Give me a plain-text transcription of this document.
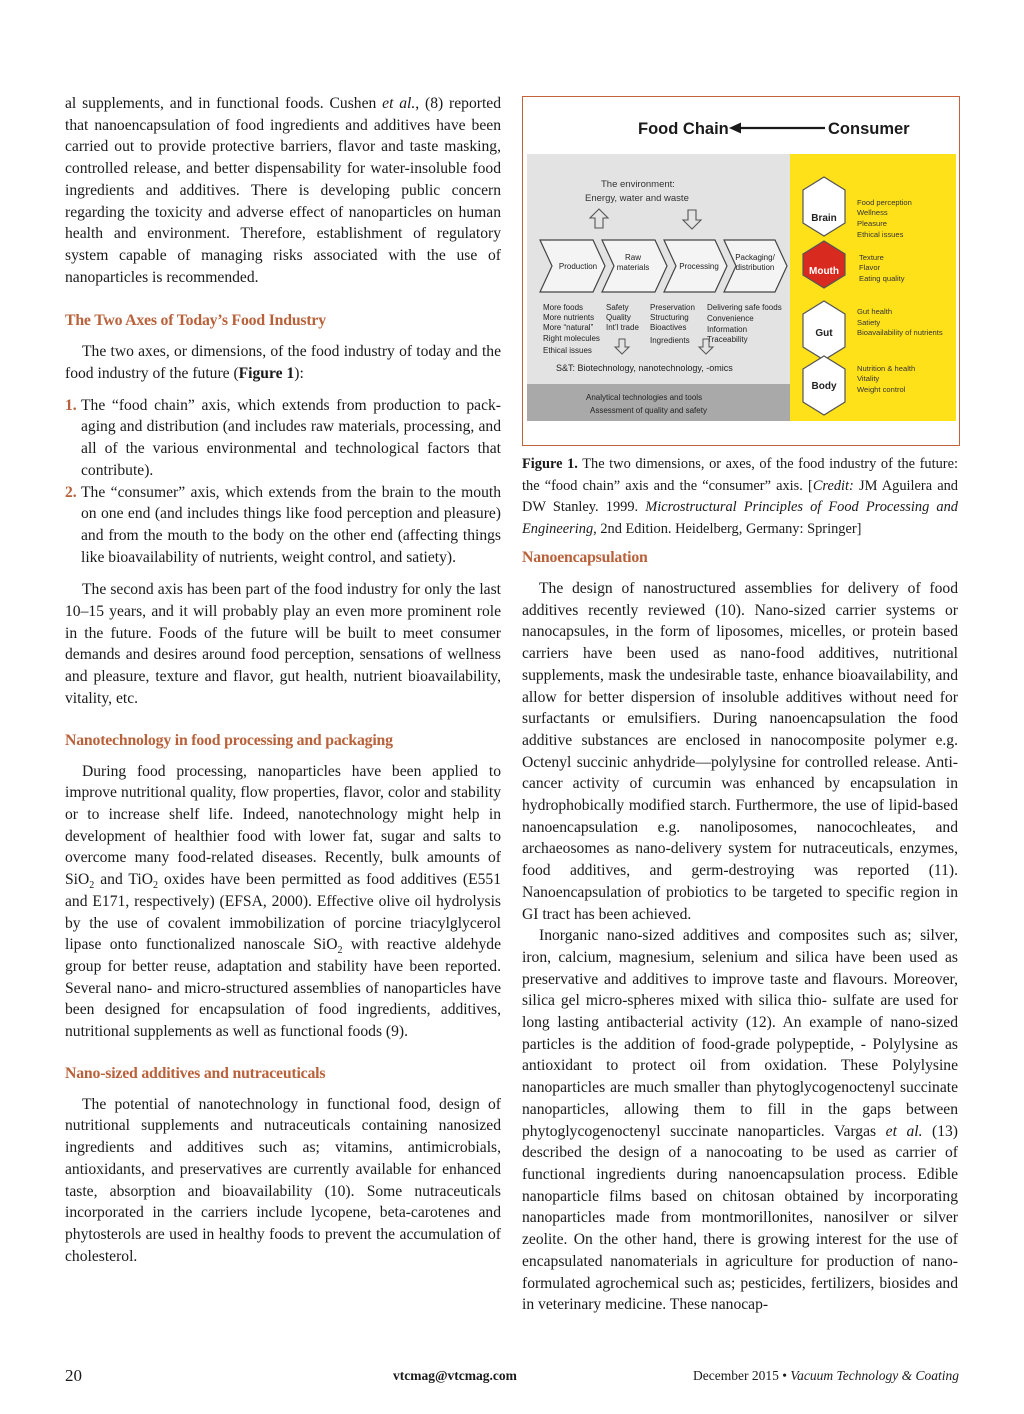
al supplements, and in functional foods. Cushen et al., (8) reported that nanoencapsulation of food ingredients and additives have been carried out to provide protective barriers, flavor and taste masking, controlled release, and better dispensability for water-insoluble food ingredients and additives. There is developing public concern regarding the toxicity and adverse effect of nanoparticles on human health and environment. Therefore, establishment of regulatory system capable of managing risks associated with the use of nanoparticles is recommended.

The Two Axes of Today’s Food Industry

The two axes, or dimensions, of the food industry of today and the food industry of the future (Figure 1):

1. The “food chain” axis, which extends from production to pack- aging and distribution (and includes raw materials, processing, and all of the various environmental and technological factors that contribute).
2. The “consumer” axis, which extends from the brain to the mouth on one end (and includes things like food perception and pleasure) and from the mouth to the body on the other end (affecting things like bioavailability of nutrients, weight control, and satiety).

The second axis has been part of the food industry for only the last 10–15 years, and it will probably play an even more prominent role in the future. Foods of the future will be built to meet consumer demands and desires around food perception, sensations of wellness and pleasure, texture and flavor, gut health, nutrient bioavailability, vitality, etc.

Nanotechnology in food processing and packaging

During food processing, nanoparticles have been applied to improve nutritional quality, flow properties, flavor, color and stability or to increase shelf life. Indeed, nanotechnology might help in development of healthier food with lower fat, sugar and salts to overcome many food-related diseases. Recently, bulk amounts of SiO$_2$ and TiO$_2$ oxides have been permitted as food additives (E551 and E171, respectively) (EFSA, 2000). Effective olive oil hydrolysis by the use of covalent immobilization of porcine triacylglycerol lipase onto functionalized nanoscale SiO$_2$ with reactive aldehyde group for better reuse, adaptation and stability have been reported. Several nano- and micro-structured assemblies of nanoparticles have been designed for encapsulation of food ingredients, additives, nutritional supplements as well as functional foods (9).

Nano-sized additives and nutraceuticals

The potential of nanotechnology in functional food, design of nutritional supplements and nutraceuticals containing nanosized ingredients and additives such as; vitamins, antimicrobials, antioxidants, and preservatives are currently available for enhanced taste, absorption and bioavailability (10). Some nutraceuticals incorporated in the carriers include lycopene, beta-carotenes and phytosterols are used in healthy foods to prevent the accumulation of cholesterol.

Food Chain	Consumer
The environment:
Energy, water and waste
Production
Raw materials	Processing
Packaging/ distribution
More foods
More nutrients
More “natural”
Right molecules
Ethical issues
Safety
Quality
Int’l trade
Preservation
Structuring
Bioactives
Ingredients
Delivering safe foods
Convenience
Information
Traceability
S&T: Biotechnology, nanotechnology, -omics
Analytical technologies and tools
Assessment of quality and safety
Brain
Mouth
Gut
Body
Food perception
Wellness
Pleasure
Ethical issues
Texture
Flavor
Eating quality
Gut health
Satiety
Bioavailability of nutrients
Nutrition & health
Vitality
Weight control

Figure 1. The two dimensions, or axes, of the food industry of the future: the “food chain” axis and the “consumer” axis. [Credit: JM Aguilera and DW Stanley. 1999. Microstructural Principles of Food Processing and Engineering, 2nd Edition. Heidelberg, Germany: Springer]

Nanoencapsulation

The design of nanostructured assemblies for delivery of food additives recently reviewed (10). Nano-sized carrier systems or nanocapsules, in the form of liposomes, micelles, or protein based carriers have been used as nano-food additives, nutritional supplements, mask the undesirable taste, enhance bioavailability, and allow for better dispersion of insoluble additives without need for surfactants or emulsifiers. During nanoencapsulation the food additive substances are enclosed in nanocomposite polymer e.g. Octenyl succinic anhydride—polylysine for controlled release. Anti-cancer activity of curcumin was enhanced by encapsulation in hydrophobically modified starch. Furthermore, the use of lipid-based nanoencapsulation e.g. nanoliposomes, nanocochleates, and archaeosomes as nano-delivery system for nutraceuticals, enzymes, food additives, and germ-destroying was reported (11). Nanoencapsulation of probiotics to be targeted to specific region in GI tract has been achieved.

Inorganic nano-sized additives and composites such as; silver, iron, calcium, magnesium, selenium and silica have been used as preservative and additives to improve taste and flavours. Moreover, silica gel micro-spheres mixed with silica thio- sulfate are used for long lasting antibacterial activity (12). An example of nano-sized particles is the addition of food-grade polypeptide, - Polylysine as antioxidant to protect oil from oxidation. These Polylysine nanoparticles are much smaller than phytoglycogenoctenyl succinate nanoparticles, allowing them to fill in the gaps between phytoglycogenoctenyl succinate nanoparticles. Vargas et al. (13) described the design of a nanocoating to be used as carrier of functional ingredients during nanoencapsulation process. Edible nanoparticle films based on chitosan obtained by incorporating nanoparticles made from montmorillonites, nanosilver or silver zeolite. On the other hand, there is growing interest for the use of encapsulated nanomaterials in agriculture for production of nano- formulated agrochemical such as; pesticides, fertilizers, biosides and in veterinary medicine. These nanocap-

20	vtcmag@vtcmag.com	December 2015 • Vacuum Technology & Coating
